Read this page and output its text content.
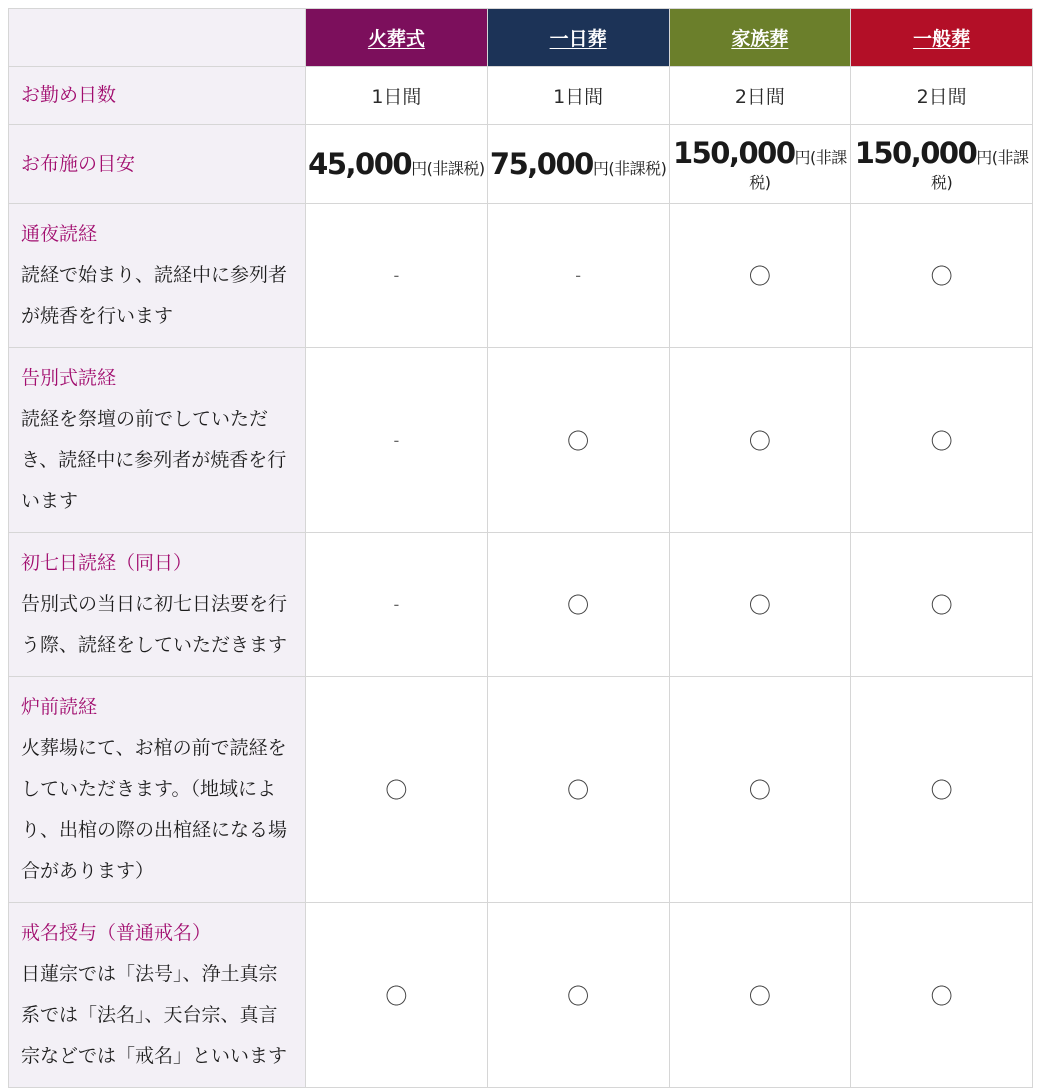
	火葬式	一日葬	家族葬	一般葬

お勤め日数	1日間	1日間	2日間	2日間

お布施の目安	45,000円(非課税)	75,000円(非課税)	150,000円(非課税)	150,000円(非課税)

通夜読経
読経で始まり、読経中に参列者が焼香を行います	-	-	〇	〇

告別式読経
読経を祭壇の前でしていただき、読経中に参列者が焼香を行います	-	〇	〇	〇

初七日読経（同日）
告別式の当日に初七日法要を行う際、読経をしていただきます	-	〇	〇	〇

炉前読経
火葬場にて、お棺の前で読経をしていただきます。（地域により、出棺の際の出棺経になる場合があります）	〇	〇	〇	〇

戒名授与（普通戒名）
日蓮宗では「法号」、浄土真宗系では「法名」、天台宗、真言宗などでは「戒名」といいます	〇	〇	〇	〇
